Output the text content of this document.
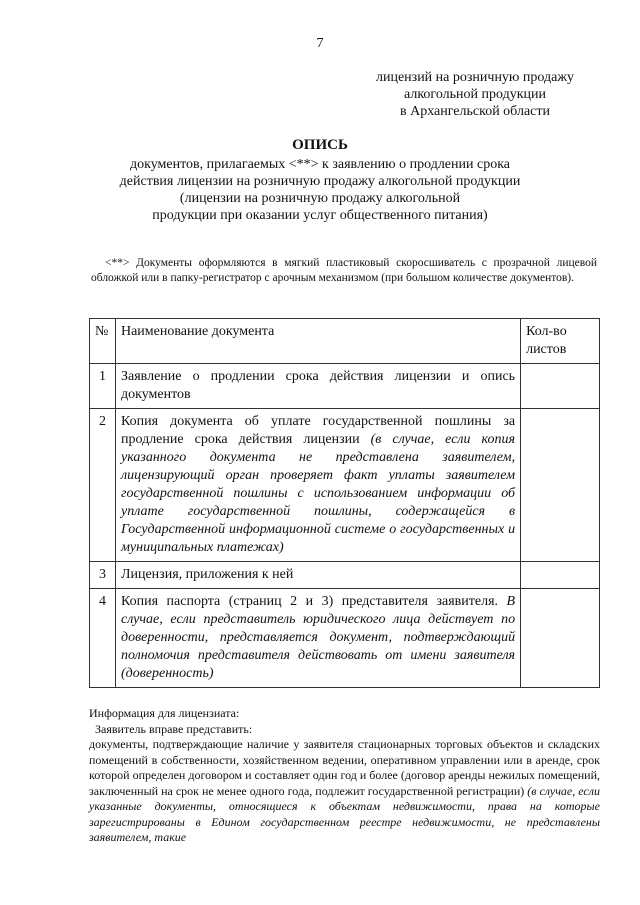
7
лицензий на розничную продажу
алкогольной продукции
в Архангельской области
ОПИСЬ
документов, прилагаемых <**> к заявлению о продлении срока
действия лицензии на розничную продажу алкогольной продукции
(лицензии на розничную продажу алкогольной
продукции при оказании услуг общественного питания)
<**> Документы оформляются в мягкий пластиковый скоросшиватель с прозрачной лицевой обложкой или в папку-регистратор с арочным механизмом (при большом количестве документов).
№	Наименование документа	Кол-во листов
1	Заявление о продлении срока действия лицензии и опись документов	
2	Копия документа об уплате государственной пошлины за продление срока действия лицензии (в случае, если копия указанного документа не представлена заявителем, лицензирующий орган проверяет факт уплаты заявителем государственной пошлины с использованием информации об уплате государственной пошлины, содержащейся в Государственной информационной системе о государственных и муниципальных платежах)	
3	Лицензия, приложения к ней	
4	Копия паспорта (страниц 2 и 3) представителя заявителя. В случае, если представитель юридического лица действует по доверенности, представляется документ, подтверждающий полномочия представителя действовать от имени заявителя (доверенность)	

Информация для лицензиата:

Заявитель вправе представить:

документы, подтверждающие наличие у заявителя стационарных торговых объектов и складских помещений в собственности, хозяйственном ведении, оперативном управлении или в аренде, срок которой определен договором и составляет один год и более (договор аренды нежилых помещений, заключенный на срок не менее одного года, подлежит государственной регистрации) (в случае, если указанные документы, относящиеся к объектам недвижимости, права на которые зарегистрированы в Едином государственном реестре недвижимости, не представлены заявителем, такие
